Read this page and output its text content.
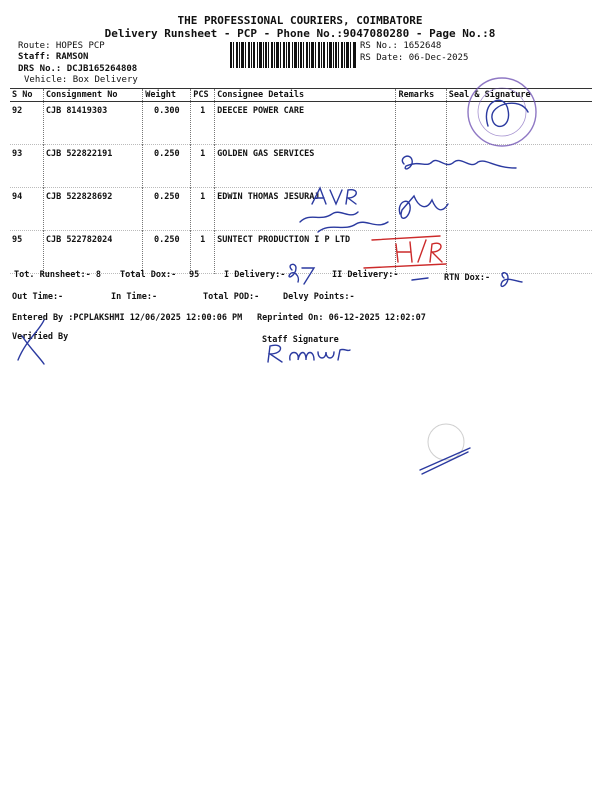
THE PROFESSIONAL COURIERS, COIMBATORE
Delivery Runsheet - PCP - Phone No.:9047080280 - Page No.:8
Route: HOPES PCP
Staff: RAMSON
DRS No.: DCJB165264808
Vehicle: Box Delivery
RS No.: 1652648
RS Date: 06-Dec-2025
S No	Consignment No	Weight	PCS	Consignee Details	Remarks	Seal & Signature
92	CJB 81419303	0.300	1	DEECEE POWER CARE		
93	CJB 522822191	0.250	1	GOLDEN GAS SERVICES		
94	CJB 522828692	0.250	1	EDWIN THOMAS JESURAJ		
95	CJB 522782024	0.250	1	SUNTECT PRODUCTION I P LTD		
Tot. Runsheet:- 8 Total Dox:- 95	I Delivery:-	II Delivery:-	RTN Dox:-
Out Time:-	In Time:-	Total POD:-	Delvy Points:-
Entered By :PCPLAKSHMI 12/06/2025 12:00:06 PM Reprinted On: 06-12-2025 12:02:07
Verified By	Staff Signature
